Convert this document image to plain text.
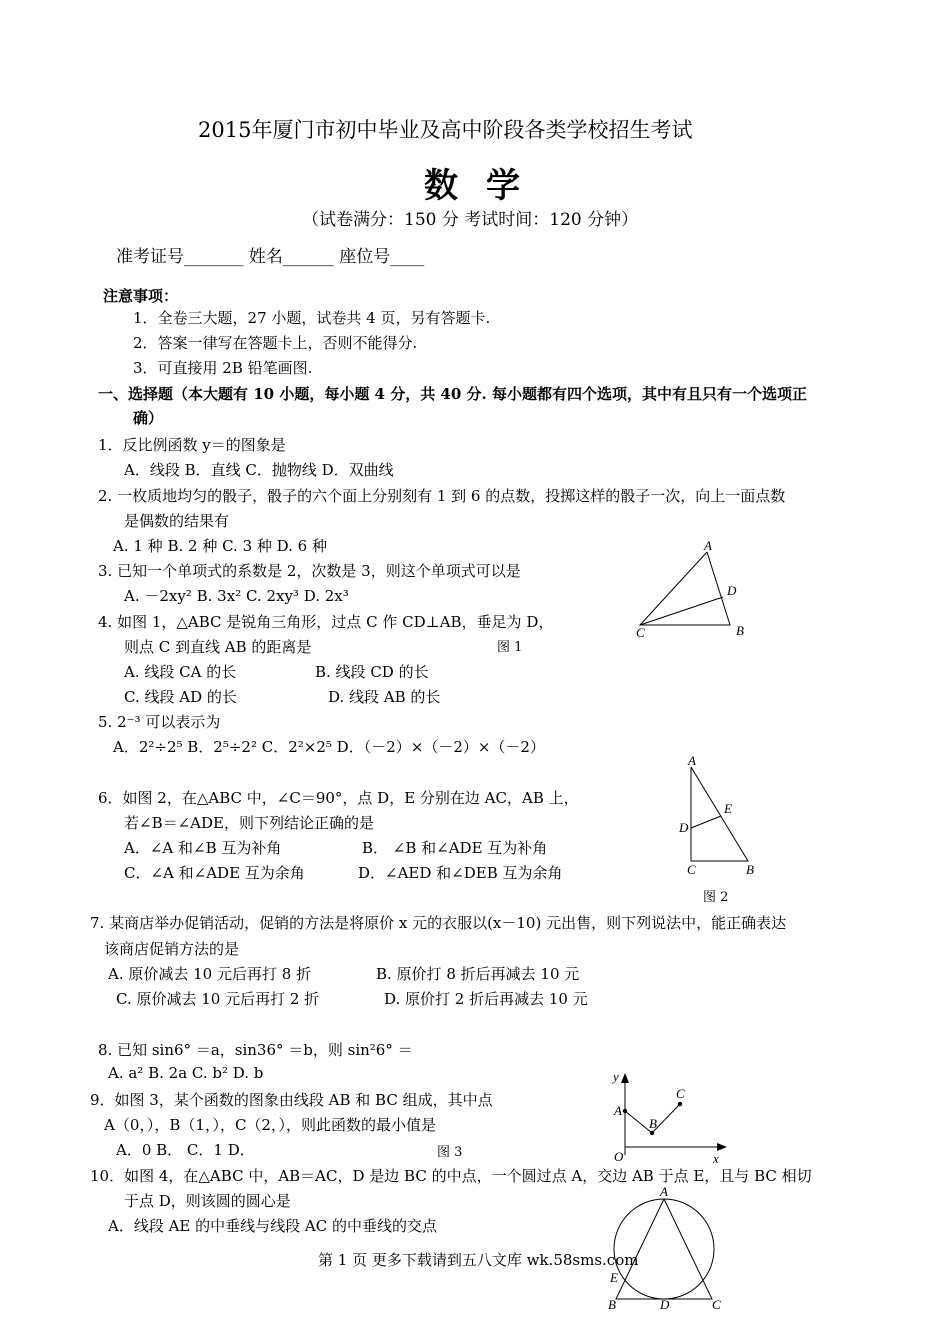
2015年厦门市初中毕业及高中阶段各类学校招生考试
数学
（试卷满分：150 分 考试时间：120 分钟）
准考证号_______ 姓名______ 座位号____
注意事项：
1．全卷三大题，27 小题，试卷共 4 页，另有答题卡.
2．答案一律写在答题卡上，否则不能得分.
3．可直接用 2B 铅笔画图.
一、选择题（本大题有 10 小题，每小题 4 分，共 40 分. 每小题都有四个选项，其中有且只有一个选项正
确）
1．反比例函数 y＝的图象是
A．线段 B．直线 C．抛物线 D．双曲线
2. 一枚质地均匀的骰子，骰子的六个面上分别刻有 1 到 6 的点数，投掷这样的骰子一次，向上一面点数
是偶数的结果有
A. 1 种 B. 2 种 C. 3 种 D. 6 种
3. 已知一个单项式的系数是 2，次数是 3，则这个单项式可以是
A. －2xy² B. 3x² C. 2xy³ D. 2x³
4. 如图 1，△ABC 是锐角三角形，过点 C 作 CD⊥AB，垂足为 D，
则点 C 到直线 AB 的距离是
A. 线段 CA 的长	B. 线段 CD 的长
C. 线段 AD 的长	D. 线段 AB 的长
5. 2⁻³ 可以表示为
A．2²÷2⁵ B．2⁵÷2² C．2²×2⁵ D．（－2）×（－2）×（－2）
6．如图 2，在△ABC 中，∠C＝90°，点 D，E 分别在边 AC，AB 上，
若∠B＝∠ADE，则下列结论正确的是
A．∠A 和∠B 互为补角	B． ∠B 和∠ADE 互为补角
C．∠A 和∠ADE 互为余角	D．∠AED 和∠DEB 互为余角
7. 某商店举办促销活动，促销的方法是将原价 x 元的衣服以(x－10) 元出售，则下列说法中，能正确表达
该商店促销方法的是
A. 原价减去 10 元后再打 8 折	B. 原价打 8 折后再减去 10 元
C. 原价减去 10 元后再打 2 折	D. 原价打 2 折后再减去 10 元
8. 已知 sin6° ＝a，sin36° ＝b，则 sin²6° ＝
A. a² B. 2a C. b² D. b
9．如图 3，某个函数的图象由线段 AB 和 BC 组成，其中点
A（0，），B（1，），C（2，），则此函数的最小值是
A．0 B． C．1 D．
10．如图 4，在△ABC 中，AB＝AC，D 是边 BC 的中点，一个圆过点 A，交边 AB 于点 E，且与 BC 相切
于点 D，则该圆的圆心是
A．线段 AE 的中垂线与线段 AC 的中垂线的交点
第 1 页 更多下载请到五八文库 wk.58sms.com
A
B
C
D
图 1
A
B
C
D
E
图 2
y
x
O
A
B
C
图 3
A
B	C
D
E
